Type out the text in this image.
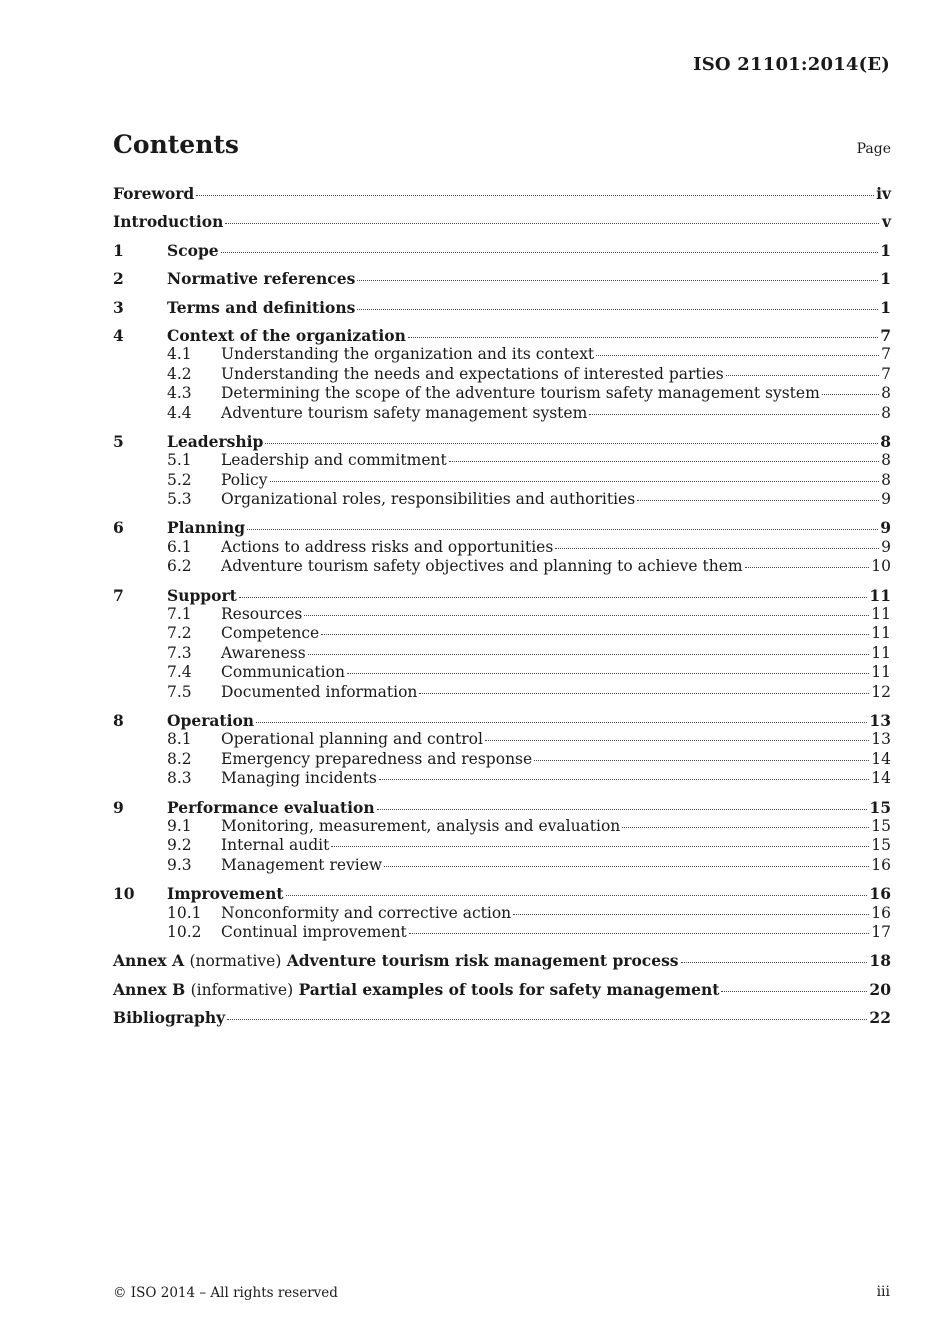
ISO 21101:2014(E)
Contents	Page
Foreword	iv
Introduction	v
1	Scope	1
2	Normative references	1
3	Terms and definitions	1
4	Context of the organization	7
4.1	Understanding the organization and its context	7
4.2	Understanding the needs and expectations of interested parties	7
4.3	Determining the scope of the adventure tourism safety management system	8
4.4	Adventure tourism safety management system	8
5	Leadership	8
5.1	Leadership and commitment	8
5.2	Policy	8
5.3	Organizational roles, responsibilities and authorities	9
6	Planning	9
6.1	Actions to address risks and opportunities	9
6.2	Adventure tourism safety objectives and planning to achieve them	10
7	Support	11
7.1	Resources	11
7.2	Competence	11
7.3	Awareness	11
7.4	Communication	11
7.5	Documented information	12
8	Operation	13
8.1	Operational planning and control	13
8.2	Emergency preparedness and response	14
8.3	Managing incidents	14
9	Performance evaluation	15
9.1	Monitoring, measurement, analysis and evaluation	15
9.2	Internal audit	15
9.3	Management review	16
10	Improvement	16
10.1	Nonconformity and corrective action	16
10.2	Continual improvement	17
Annex A (normative) Adventure tourism risk management process	18
Annex B (informative) Partial examples of tools for safety management	20
Bibliography	22
© ISO 2014 – All rights reserved	iii
